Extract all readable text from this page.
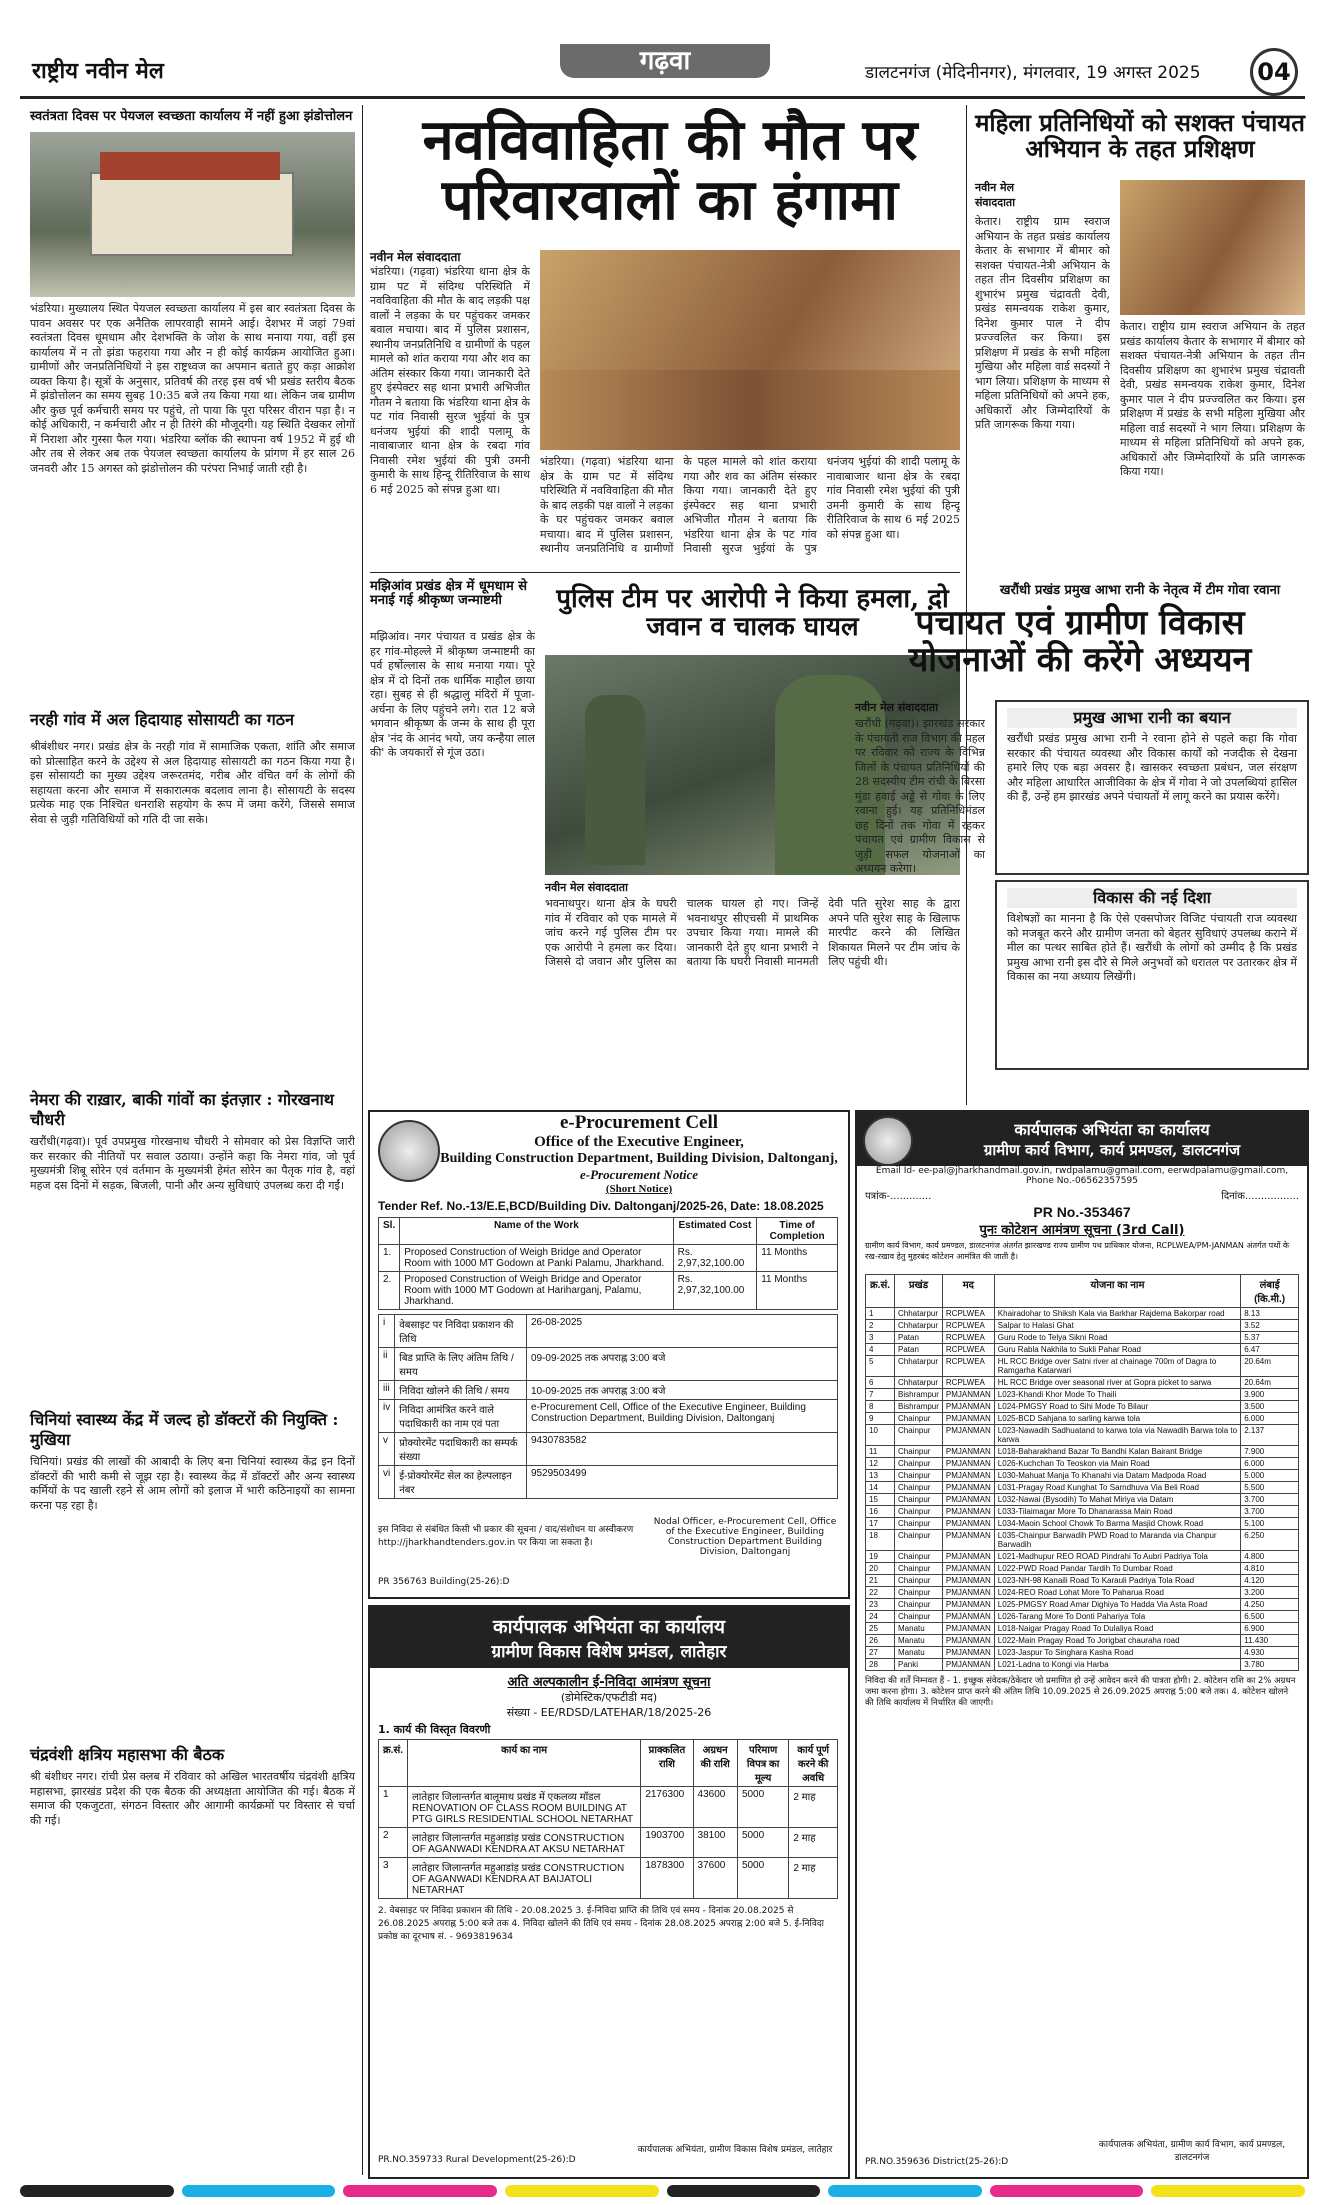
राष्ट्रीय नवीन मेल	गढ़वा	डालटनगंज (मेदिनीनगर), मंगलवार, 19 अगस्त 2025	04
स्वतंत्रता दिवस पर पेयजल स्वच्छता कार्यालय में नहीं हुआ झंडोत्तोलन
भंडरिया। मुख्यालय स्थित पेयजल स्वच्छता कार्यालय में इस बार स्वतंत्रता दिवस के पावन अवसर पर एक अनैतिक लापरवाही सामने आई। देशभर में जहां 79वां स्वतंत्रता दिवस धूमधाम और देशभक्ति के जोश के साथ मनाया गया, वहीं इस कार्यालय में न तो झंडा फहराया गया और न ही कोई कार्यक्रम आयोजित हुआ। ग्रामीणों और जनप्रतिनिधियों ने इस राष्ट्रध्वज का अपमान बताते हुए कड़ा आक्रोश व्यक्त किया है। सूत्रों के अनुसार, प्रतिवर्ष की तरह इस वर्ष भी प्रखंड स्तरीय बैठक में झंडोत्तोलन का समय सुबह 10:35 बजे तय किया गया था। लेकिन जब ग्रामीण और कुछ पूर्व कर्मचारी समय पर पहुंचे, तो पाया कि पूरा परिसर वीरान पड़ा है। न कोई अधिकारी, न कर्मचारी और न ही तिरंगे की मौजूदगी। यह स्थिति देखकर लोगों में निराशा और गुस्सा फैल गया। भंडरिया ब्लॉक की स्थापना वर्ष 1952 में हुई थी और तब से लेकर अब तक पेयजल स्वच्छता कार्यालय के प्रांगण में हर साल 26 जनवरी और 15 अगस्त को झंडोत्तोलन की परंपरा निभाई जाती रही है।
नरही गांव में अल हिदायाह सोसायटी का गठन
श्रीबंशीधर नगर। प्रखंड क्षेत्र के नरही गांव में सामाजिक एकता, शांति और समाज को प्रोत्साहित करने के उद्देश्य से अल हिदायाह सोसायटी का गठन किया गया है। इस सोसायटी का मुख्य उद्देश्य जरूरतमंद, गरीब और वंचित वर्ग के लोगों की सहायता करना और समाज में सकारात्मक बदलाव लाना है। सोसायटी के सदस्य प्रत्येक माह एक निश्चित धनराशि सहयोग के रूप में जमा करेंगे, जिससे समाज सेवा से जुड़ी गतिविधियों को गति दी जा सके।
नेमरा की राख़ार, बाकी गांवों का इंतज़ार : गोरखनाथ चौधरी
खरौंधी(गढ़वा)। पूर्व उपप्रमुख गोरखनाथ चौधरी ने सोमवार को प्रेस विज्ञप्ति जारी कर सरकार की नीतियों पर सवाल उठाया। उन्होंने कहा कि नेमरा गांव, जो पूर्व मुख्यमंत्री शिबू सोरेन एवं वर्तमान के मुख्यमंत्री हेमंत सोरेन का पैतृक गांव है, वहां महज दस दिनों में सड़क, बिजली, पानी और अन्य सुविधाएं उपलब्ध करा दी गईं।
चिनियां स्वास्थ्य केंद्र में जल्द हो डॉक्टरों की नियुक्ति : मुखिया
चिनियां। प्रखंड की लाखों की आबादी के लिए बना चिनियां स्वास्थ्य केंद्र इन दिनों डॉक्टरों की भारी कमी से जूझ रहा है। स्वास्थ्य केंद्र में डॉक्टरों और अन्य स्वास्थ्य कर्मियों के पद खाली रहने से आम लोगों को इलाज में भारी कठिनाइयों का सामना करना पड़ रहा है।
चंद्रवंशी क्षत्रिय महासभा की बैठक
श्री बंशीधर नगर। रांची प्रेस क्लब में रविवार को अखिल भारतवर्षीय चंद्रवंशी क्षत्रिय महासभा, झारखंड प्रदेश की एक बैठक की अध्यक्षता आयोजित की गई। बैठक में समाज की एकजुटता, संगठन विस्तार और आगामी कार्यक्रमों पर विस्तार से चर्चा की गई।
नवविवाहिता की मौत पर
परिवारवालों का हंगामा
नवीन मेल संवाददाता
भंडरिया। (गढ़वा) भंडरिया थाना क्षेत्र के ग्राम पट में संदिग्ध परिस्थिति में नवविवाहिता की मौत के बाद लड़की पक्ष वालों ने लड़का के घर पहुंचकर जमकर बवाल मचाया। बाद में पुलिस प्रशासन, स्थानीय जनप्रतिनिधि व ग्रामीणों के पहल मामले को शांत कराया गया और शव का अंतिम संस्कार किया गया। जानकारी देते हुए इंस्पेक्टर सह थाना प्रभारी अभिजीत गौतम ने बताया कि भंडरिया थाना क्षेत्र के पट गांव निवासी सुरज भुईयां के पुत्र धनंजय भुईयां की शादी पलामू के नावाबाजार थाना क्षेत्र के रबदा गांव निवासी रमेश भुईयां की पुत्री उमनी कुमारी के साथ हिन्दू रीतिरिवाज के साथ 6 मई 2025 को संपन्न हुआ था।
भंडरिया। (गढ़वा) भंडरिया थाना क्षेत्र के ग्राम पट में संदिग्ध परिस्थिति में नवविवाहिता की मौत के बाद लड़की पक्ष वालों ने लड़का के घर पहुंचकर जमकर बवाल मचाया। बाद में पुलिस प्रशासन, स्थानीय जनप्रतिनिधि व ग्रामीणों के पहल मामले को शांत कराया गया और शव का अंतिम संस्कार किया गया। जानकारी देते हुए इंस्पेक्टर सह थाना प्रभारी अभिजीत गौतम ने बताया कि भंडरिया थाना क्षेत्र के पट गांव निवासी सुरज भुईयां के पुत्र धनंजय भुईयां की शादी पलामू के नावाबाजार थाना क्षेत्र के रबदा गांव निवासी रमेश भुईयां की पुत्री उमनी कुमारी के साथ हिन्दू रीतिरिवाज के साथ 6 मई 2025 को संपन्न हुआ था।
मझिआंव प्रखंड क्षेत्र में धूमधाम से मनाई गई श्रीकृष्ण जन्माष्टमी
मझिआंव। नगर पंचायत व प्रखंड क्षेत्र के हर गांव-मोहल्ले में श्रीकृष्ण जन्माष्टमी का पर्व हर्षोल्लास के साथ मनाया गया। पूरे क्षेत्र में दो दिनों तक धार्मिक माहौल छाया रहा। सुबह से ही श्रद्धालु मंदिरों में पूजा-अर्चना के लिए पहुंचने लगे। रात 12 बजे भगवान श्रीकृष्ण के जन्म के साथ ही पूरा क्षेत्र 'नंद के आनंद भयो, जय कन्हैया लाल की' के जयकारों से गूंज उठा।
पुलिस टीम पर आरोपी ने किया हमला, दो जवान व चालक घायल
नवीन मेल संवाददाता
भवनाथपुर। थाना क्षेत्र के घघरी गांव में रविवार को एक मामले में जांच करने गई पुलिस टीम पर एक आरोपी ने हमला कर दिया। जिससे दो जवान और पुलिस का चालक घायल हो गए। जिन्हें भवनाथपुर सीएचसी में प्राथमिक उपचार किया गया। मामले की जानकारी देते हुए थाना प्रभारी ने बताया कि घघरी निवासी मानमती देवी पति सुरेश साह के द्वारा अपने पति सुरेश साह के खिलाफ मारपीट करने की लिखित शिकायत मिलने पर टीम जांच के लिए पहुंची थी।
महिला प्रतिनिधियों को सशक्त पंचायत अभियान के तहत प्रशिक्षण
नवीन मेल संवाददाता
केतार। राष्ट्रीय ग्राम स्वराज अभियान के तहत प्रखंड कार्यालय केतार के सभागार में बीमार को सशक्त पंचायत-नेत्री अभियान के तहत तीन दिवसीय प्रशिक्षण का शुभारंभ प्रमुख चंद्रावती देवी, प्रखंड समन्वयक राकेश कुमार, दिनेश कुमार पाल ने दीप प्रज्ज्वलित कर किया। इस प्रशिक्षण में प्रखंड के सभी महिला मुखिया और महिला वार्ड सदस्यों ने भाग लिया। प्रशिक्षण के माध्यम से महिला प्रतिनिधियों को अपने हक, अधिकारों और जिम्मेदारियों के प्रति जागरूक किया गया।
केतार। राष्ट्रीय ग्राम स्वराज अभियान के तहत प्रखंड कार्यालय केतार के सभागार में बीमार को सशक्त पंचायत-नेत्री अभियान के तहत तीन दिवसीय प्रशिक्षण का शुभारंभ प्रमुख चंद्रावती देवी, प्रखंड समन्वयक राकेश कुमार, दिनेश कुमार पाल ने दीप प्रज्ज्वलित कर किया। इस प्रशिक्षण में प्रखंड के सभी महिला मुखिया और महिला वार्ड सदस्यों ने भाग लिया। प्रशिक्षण के माध्यम से महिला प्रतिनिधियों को अपने हक, अधिकारों और जिम्मेदारियों के प्रति जागरूक किया गया।
खरौंधी प्रखंड प्रमुख आभा रानी के नेतृत्व में टीम गोवा रवाना
पंचायत एवं ग्रामीण विकास योजनाओं की करेंगे अध्ययन
नवीन मेल संवाददाता
खरौंधी (गढ़वा)। झारखंड सरकार के पंचायती राज विभाग की पहल पर रविवार को राज्य के विभिन्न जिलों के पंचायत प्रतिनिधियों की 28 सदस्यीय टीम रांची के बिरसा मुंडा हवाई अड्डे से गोवा के लिए रवाना हुई। यह प्रतिनिधिमंडल छह दिनों तक गोवा में रहकर पंचायत एवं ग्रामीण विकास से जुड़ी सफल योजनाओं का अध्ययन करेगा।
प्रमुख आभा रानी का बयान
खरौंधी प्रखंड प्रमुख आभा रानी ने रवाना होने से पहले कहा कि गोवा सरकार की पंचायत व्यवस्था और विकास कार्यों को नजदीक से देखना हमारे लिए एक बड़ा अवसर है। खासकर स्वच्छता प्रबंधन, जल संरक्षण और महिला आधारित आजीविका के क्षेत्र में गोवा ने जो उपलब्धियां हासिल की हैं, उन्हें हम झारखंड अपने पंचायतों में लागू करने का प्रयास करेंगे।
विकास की नई दिशा
विशेषज्ञों का मानना है कि ऐसे एक्सपोजर विजिट पंचायती राज व्यवस्था को मजबूत करने और ग्रामीण जनता को बेहतर सुविधाएं उपलब्ध कराने में मील का पत्थर साबित होते हैं। खरौंधी के लोगों को उम्मीद है कि प्रखंड प्रमुख आभा रानी इस दौरे से मिले अनुभवों को धरातल पर उतारकर क्षेत्र में विकास का नया अध्याय लिखेंगी।
e-Procurement Cell
Office of the Executive Engineer,
Building Construction Department, Building Division, Daltonganj,
e-Procurement Notice
(Short Notice)
Tender Ref. No.-13/E.E,BCD/Building Div. Daltonganj/2025-26, Date: 18.08.2025
Sl.	Name of the Work	Estimated Cost	Time of Completion
1.	Proposed Construction of Weigh Bridge and Operator Room with 1000 MT Godown at Panki Palamu, Jharkhand.	Rs. 2,97,32,100.00	11 Months
2.	Proposed Construction of Weigh Bridge and Operator Room with 1000 MT Godown at Hariharganj, Palamu, Jharkhand.	Rs. 2,97,32,100.00	11 Months
i	वेबसाइट पर निविदा प्रकाशन की तिथि	26-08-2025
ii	बिड प्राप्ति के लिए अंतिम तिथि / समय	09-09-2025 तक अपराह्न 3:00 बजे
iii	निविदा खोलने की तिथि / समय	10-09-2025 तक अपराह्न 3:00 बजे
iv	निविदा आमंत्रित करने वाले पदाधिकारी का नाम एवं पता	e-Procurement Cell, Office of the Executive Engineer, Building Construction Department, Building Division, Daltonganj
v	प्रोक्योरमेंट पदाधिकारी का सम्पर्क संख्या	9430783582
vi	ई-प्रोक्योरमेंट सेल का हेल्पलाइन नंबर	9529503499
इस निविदा से संबंधित किसी भी प्रकार की सूचना / वाद/संशोधन या अस्वीकरण http://jharkhandtenders.gov.in पर किया जा सकता है।
Nodal Officer, e-Procurement Cell, Office of the Executive Engineer, Building Construction Department Building Division, Daltonganj
PR 356763 Building(25-26):D
कार्यपालक अभियंता का कार्यालय
ग्रामीण विकास विशेष प्रमंडल, लातेहार
अति अल्पकालीन ई-निविदा आमंत्रण सूचना
(डोमेस्टिक/एफटीडी मद)
संख्या - EE/RDSD/LATEHAR/18/2025-26
1. कार्य की विस्तृत विवरणी
क्र.सं.	कार्य का नाम	प्राक्कलित राशि	अग्रधन की राशि	परिमाण विपत्र का मूल्य	कार्य पूर्ण करने की अवधि
1	लातेहार जिलान्तर्गत बालूमाथ प्रखंड में एकलव्य मॉडल RENOVATION OF CLASS ROOM BUILDING AT PTG GIRLS RESIDENTIAL SCHOOL NETARHAT	2176300	43600	5000	2 माह
2	लातेहार जिलान्तर्गत महुआडांड़ प्रखंड CONSTRUCTION OF AGANWADI KENDRA AT AKSU NETARHAT	1903700	38100	5000	2 माह
3	लातेहार जिलान्तर्गत महुआडांड़ प्रखंड CONSTRUCTION OF AGANWADI KENDRA AT BAIJATOLI NETARHAT	1878300	37600	5000	2 माह
2. वेबसाइट पर निविदा प्रकाशन की तिथि - 20.08.2025 3. ई-निविदा प्राप्ति की तिथि एवं समय - दिनांक 20.08.2025 से 26.08.2025 अपराह्न 5:00 बजे तक 4. निविदा खोलने की तिथि एवं समय - दिनांक 28.08.2025 अपराह्न 2:00 बजे 5. ई-निविदा प्रकोष्ठ का दूरभाष सं. - 9693819634
PR.NO.359733 Rural Development(25-26):D
कार्यपालक अभियंता, ग्रामीण विकास विशेष प्रमंडल, लातेहार
कार्यपालक अभियंता का कार्यालय
ग्रामीण कार्य विभाग, कार्य प्रमण्डल, डालटनगंज
Email Id- ee-pal@jharkhandmail.gov.in, rwdpalamu@gmail.com, eerwdpalamu@gmail.com,
Phone No.-06562357595
पत्रांक-.............	दिनांक.................
PR No.-353467
पुनः कोटेशन आमंत्रण सूचना (3rd Call)
ग्रामीण कार्य विभाग, कार्य प्रमण्डल, डालटनगंज अंतर्गत झारखण्ड राज्य ग्रामीण पथ प्राधिकार योजना, RCPLWEA/PM-JANMAN अंतर्गत पथों के रख-रखाव हेतु मुहरबंद कोटेशन आमंत्रित की जाती है।
क्र.सं.	प्रखंड	मद	योजना का नाम	लंबाई (कि.मी.)
1	Chhatarpur	RCPLWEA	Khairadohar to Shiksh Kala via Barkhar Rajdema Bakorpar road	8.13
2	Chhatarpur	RCPLWEA	Salpar to Halasi Ghat	3.52
3	Patan	RCPLWEA	Guru Rode to Telya Sikni Road	5.37
4	Patan	RCPLWEA	Guru Rabla Nakhila to Sukli Pahar Road	6.47
5	Chhatarpur	RCPLWEA	HL RCC Bridge over Satni river at chainage 700m of Dagra to Ramgarha Katarwari	20.64m
6	Chhatarpur	RCPLWEA	HL RCC Bridge over seasonal river at Gopra picket to sarwa	20.64m
7	Bishrampur	PMJANMAN	L023-Khandi Khor Mode To Thaili	3.900
8	Bishrampur	PMJANMAN	L024-PMGSY Road to Sihi Mode To Bilaur	3.500
9	Chainpur	PMJANMAN	L025-BCD Sahjana to sarling karwa tola	6.000
10	Chainpur	PMJANMAN	L023-Nawadih Sadhuatand to karwa tola via Nawadih Barwa tola to karwa	2.137
11	Chainpur	PMJANMAN	L018-Baharakhand Bazar To Bandhi Kalan Bairant Bridge	7.900
12	Chainpur	PMJANMAN	L026-Kuchchan To Teoskon via Main Road	6.000
13	Chainpur	PMJANMAN	L030-Mahuat Manja To Khanahi via Datam Madpoda Road	5.000
14	Chainpur	PMJANMAN	L031-Pragay Road Kunghat To Sarndhuva Via Beli Road	5.500
15	Chainpur	PMJANMAN	L032-Nawai (Bysodih) To Mahat Miriya via Datam	3.700
16	Chainpur	PMJANMAN	L033-Tilaimagar More To Dhanarassa Main Road	3.700
17	Chainpur	PMJANMAN	L034-Maoin School Chowk To Barma Masjid Chowk Road	5.100
18	Chainpur	PMJANMAN	L035-Chainpur Barwadih PWD Road to Maranda via Chanpur Barwadih	6.250
19	Chainpur	PMJANMAN	L021-Madhupur REO ROAD Pindrahi To Aubri Padriya Tola	4.800
20	Chainpur	PMJANMAN	L022-PWD Road Pandar Tardih To Dumbar Road	4.810
21	Chainpur	PMJANMAN	L023-NH-98 Kanaili Road To Karauli Padriya Tola Road	4.120
22	Chainpur	PMJANMAN	L024-REO Road Lohat More To Paharua Road	3.200
23	Chainpur	PMJANMAN	L025-PMGSY Road Amar Dighiya To Hadda Via Asta Road	4.250
24	Chainpur	PMJANMAN	L026-Tarang More To Donti Pahariya Tola	6.500
25	Manatu	PMJANMAN	L018-Naigar Pragay Road To Dulaliya Road	6.900
26	Manatu	PMJANMAN	L022-Main Pragay Road To Jorigbat chauraha road	11.430
27	Manatu	PMJANMAN	L023-Jaspur To Singhara Kasha Road	4.930
28	Panki	PMJANMAN	L021-Ladna to Kongi via Harba	3.780
निविदा की शर्तें निम्नवत हैं - 1. इच्छुक संवेदक/ठेकेदार जो प्रमाणित हो उन्हें आवेदन करने की पात्रता होगी। 2. कोटेशन राशि का 2% अग्रधन जमा करना होगा। 3. कोटेशन प्राप्त करने की अंतिम तिथि 10.09.2025 से 26.09.2025 अपराह्न 5:00 बजे तक। 4. कोटेशन खोलने की तिथि कार्यालय में निर्धारित की जाएगी।
PR.NO.359636 District(25-26):D
कार्यपालक अभियंता, ग्रामीण कार्य विभाग, कार्य प्रमण्डल, डालटनगंज
